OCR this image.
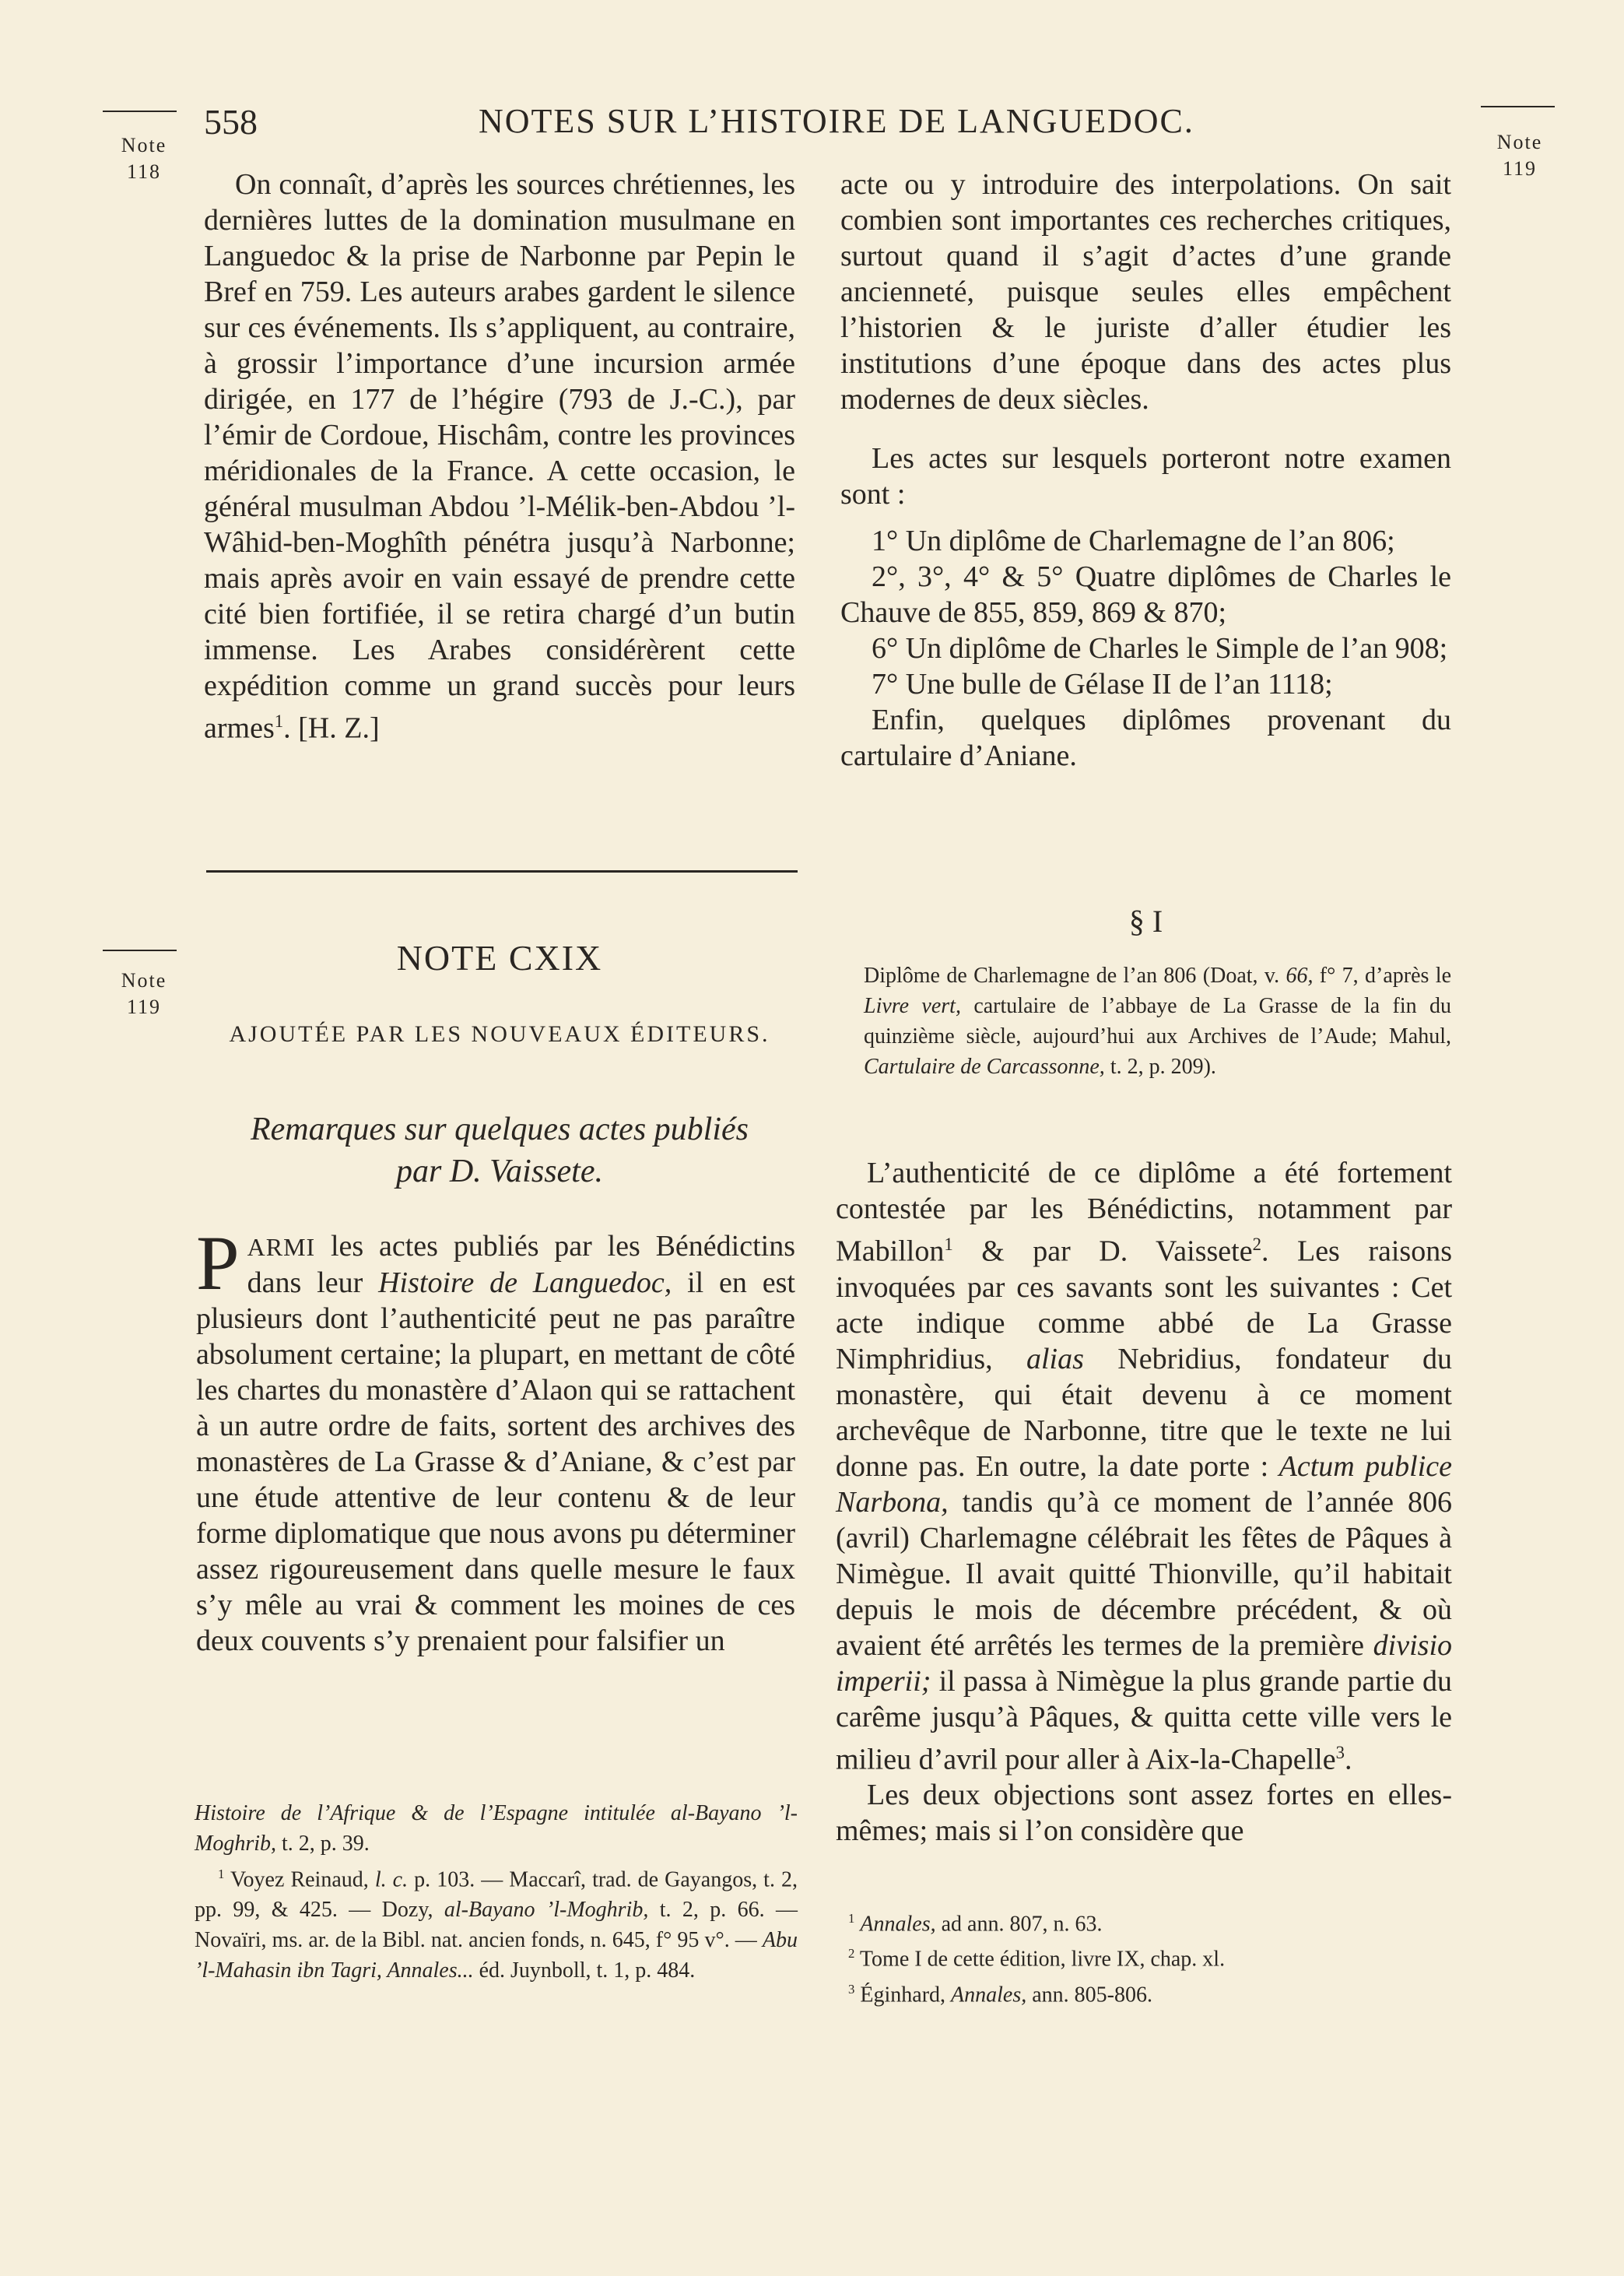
558	NOTES SUR L’HISTOIRE DE LANGUEDOC.
Note
118
Note
119
Note
119

On connaît, d’après les sources chrétiennes, les dernières luttes de la domination musulmane en Languedoc & la prise de Narbonne par Pepin le Bref en 759. Les auteurs arabes gardent le silence sur ces événements. Ils s’appliquent, au contraire, à grossir l’importance d’une incursion armée dirigée, en 177 de l’hégire (793 de J.-C.), par l’émir de Cordoue, Hischâm, contre les provinces méridionales de la France. A cette occasion, le général musulman Abdou ’l-Mélik-ben-Abdou ’l-Wâhid-ben-Moghîth pénétra jusqu’à Narbonne; mais après avoir en vain essayé de prendre cette cité bien fortifiée, il se retira chargé d’un butin immense. Les Arabes considérèrent cette expédition comme un grand succès pour leurs armes$^1$. [H. Z.]

acte ou y introduire des interpolations. On sait combien sont importantes ces recherches critiques, surtout quand il s’agit d’actes d’une grande ancienneté, puisque seules elles empêchent l’historien & le juriste d’aller étudier les institutions d’une époque dans des actes plus modernes de deux siècles.

Les actes sur lesquels porteront notre examen sont :

1° Un diplôme de Charlemagne de l’an 806;

2°, 3°, 4° & 5° Quatre diplômes de Charles le Chauve de 855, 859, 869 & 870;

6° Un diplôme de Charles le Simple de l’an 908;

7° Une bulle de Gélase II de l’an 1118;

Enfin, quelques diplômes provenant du cartulaire d’Aniane.

NOTE CXIX
AJOUTÉE PAR LES NOUVEAUX ÉDITEURS.
Remarques sur quelques actes publiés
par D. Vaissete.

PARMI les actes publiés par les Bénédictins dans leur Histoire de Languedoc, il en est plusieurs dont l’authenticité peut ne pas paraître absolument certaine; la plupart, en mettant de côté les chartes du monastère d’Alaon qui se rattachent à un autre ordre de faits, sortent des archives des monastères de La Grasse & d’Aniane, & c’est par une étude attentive de leur contenu & de leur forme diplomatique que nous avons pu déterminer assez rigoureusement dans quelle mesure le faux s’y mêle au vrai & comment les moines de ces deux couvents s’y prenaient pour falsifier un

Histoire de l’Afrique & de l’Espagne intitulée al-Bayano ’l-Moghrib, t. 2, p. 39.

$^1$ Voyez Reinaud, l. c. p. 103. — Maccarî, trad. de Gayangos, t. 2, pp. 99, & 425. — Dozy, al-Bayano ’l-Moghrib, t. 2, p. 66. — Novaïri, ms. ar. de la Bibl. nat. ancien fonds, n. 645, f° 95 v°. — Abu ’l-Mahasin ibn Tagri, Annales... éd. Juynboll, t. 1, p. 484.

§ I
Diplôme de Charlemagne de l’an 806 (Doat, v. 66, f° 7, d’après le Livre vert, cartulaire de l’abbaye de La Grasse de la fin du quinzième siècle, aujourd’hui aux Archives de l’Aude; Mahul, Cartulaire de Carcassonne, t. 2, p. 209).

L’authenticité de ce diplôme a été fortement contestée par les Bénédictins, notamment par Mabillon$^1$ & par D. Vaissete$^2$. Les raisons invoquées par ces savants sont les suivantes : Cet acte indique comme abbé de La Grasse Nimphridius, alias Nebridius, fondateur du monastère, qui était devenu à ce moment archevêque de Narbonne, titre que le texte ne lui donne pas. En outre, la date porte : Actum publice Narbona, tandis qu’à ce moment de l’année 806 (avril) Charlemagne célébrait les fêtes de Pâques à Nimègue. Il avait quitté Thionville, qu’il habitait depuis le mois de décembre précédent, & où avaient été arrêtés les termes de la première divisio imperii; il passa à Nimègue la plus grande partie du carême jusqu’à Pâques, & quitta cette ville vers le milieu d’avril pour aller à Aix-la-Chapelle$^3$.

Les deux objections sont assez fortes en elles-mêmes; mais si l’on considère que

$^1$ Annales, ad ann. 807, n. 63.

$^2$ Tome I de cette édition, livre IX, chap. xl.

$^3$ Éginhard, Annales, ann. 805-806.
